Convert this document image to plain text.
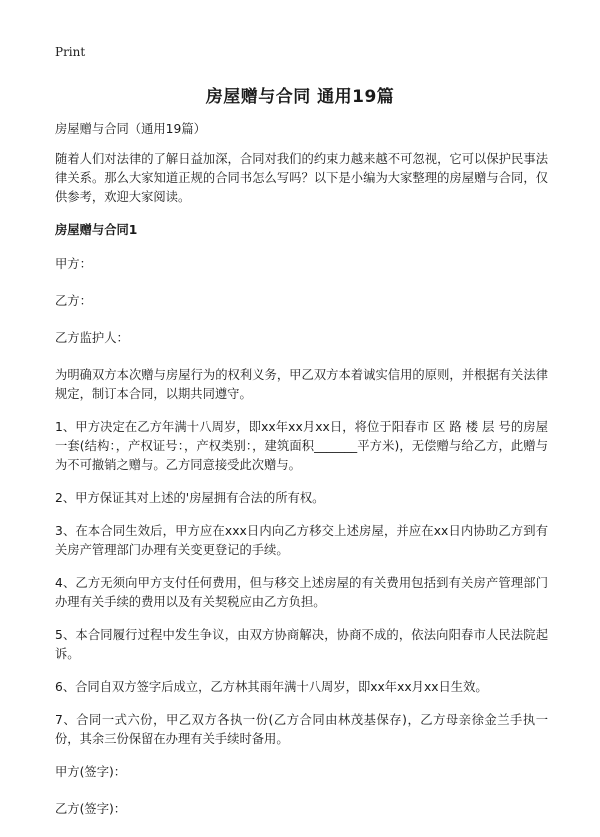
Print
房屋赠与合同 通用19篇

房屋赠与合同（通用19篇）

随着人们对法律的了解日益加深，合同对我们的约束力越来越不可忽视，它可以保护民事法律关系。那么大家知道正规的合同书怎么写吗？以下是小编为大家整理的房屋赠与合同，仅供参考，欢迎大家阅读。

房屋赠与合同1

甲方：

乙方：

乙方监护人：

为明确双方本次赠与房屋行为的权利义务，甲乙双方本着诚实信用的原则，并根据有关法律规定，制订本合同，以期共同遵守。

1、甲方决定在乙方年满十八周岁，即xx年xx月xx日，将位于阳春市 区 路 楼 层 号的房屋一套(结构：，产权证号：，产权类别：，建筑面积_______平方米)，无偿赠与给乙方，此赠与为不可撤销之赠与。乙方同意接受此次赠与。

2、甲方保证其对上述的'房屋拥有合法的所有权。

3、在本合同生效后，甲方应在xxx日内向乙方移交上述房屋，并应在xx日内协助乙方到有关房产管理部门办理有关变更登记的手续。

4、乙方无须向甲方支付任何费用，但与移交上述房屋的有关费用包括到有关房产管理部门办理有关手续的费用以及有关契税应由乙方负担。

5、本合同履行过程中发生争议，由双方协商解决，协商不成的，依法向阳春市人民法院起诉。

6、合同自双方签字后成立，乙方林其雨年满十八周岁，即xx年xx月xx日生效。

7、合同一式六份，甲乙双方各执一份(乙方合同由林茂基保存)，乙方母亲徐金兰手执一份，其余三份保留在办理有关手续时备用。

甲方(签字)：

乙方(签字)：
